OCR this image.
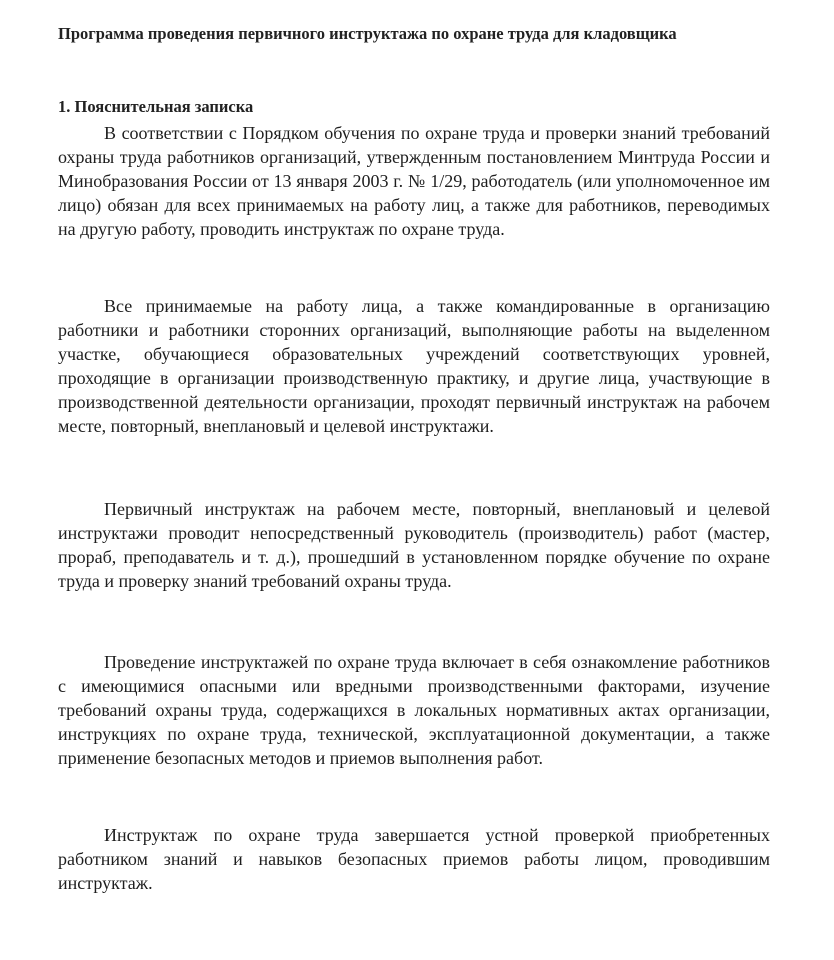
Программа проведения первичного инструктажа по охране труда для кладовщика
1. Пояснительная записка

В соответствии с Порядком обучения по охране труда и проверки знаний требований охраны труда работников организаций, утвержденным постановлением Минтруда России и Минобразования России от 13 января 2003 г. № 1/29, работодатель (или уполномоченное им лицо) обязан для всех принимаемых на работу лиц, а также для работников, переводимых на другую работу, проводить инструктаж по охране труда.

Все принимаемые на работу лица, а также командированные в организацию работники и работники сторонних организаций, выполняющие работы на выделенном участке, обучающиеся образовательных учреждений соответствующих уровней, проходящие в организации производственную практику, и другие лица, участвующие в производственной деятельности организации, проходят первичный инструктаж на рабочем месте, повторный, внеплановый и целевой инструктажи.

Первичный инструктаж на рабочем месте, повторный, внеплановый и целевой инструктажи проводит непосредственный руководитель (производитель) работ (мастер, прораб, преподаватель и т. д.), прошедший в установленном порядке обучение по охране труда и проверку знаний требований охраны труда.

Проведение инструктажей по охране труда включает в себя ознакомление работников с имеющимися опасными или вредными производственными факторами, изучение требований охраны труда, содержащихся в локальных нормативных актах организации, инструкциях по охране труда, технической, эксплуатационной документации, а также применение безопасных методов и приемов выполнения работ.

Инструктаж по охране труда завершается устной проверкой приобретенных работником знаний и навыков безопасных приемов работы лицом, проводившим инструктаж.
